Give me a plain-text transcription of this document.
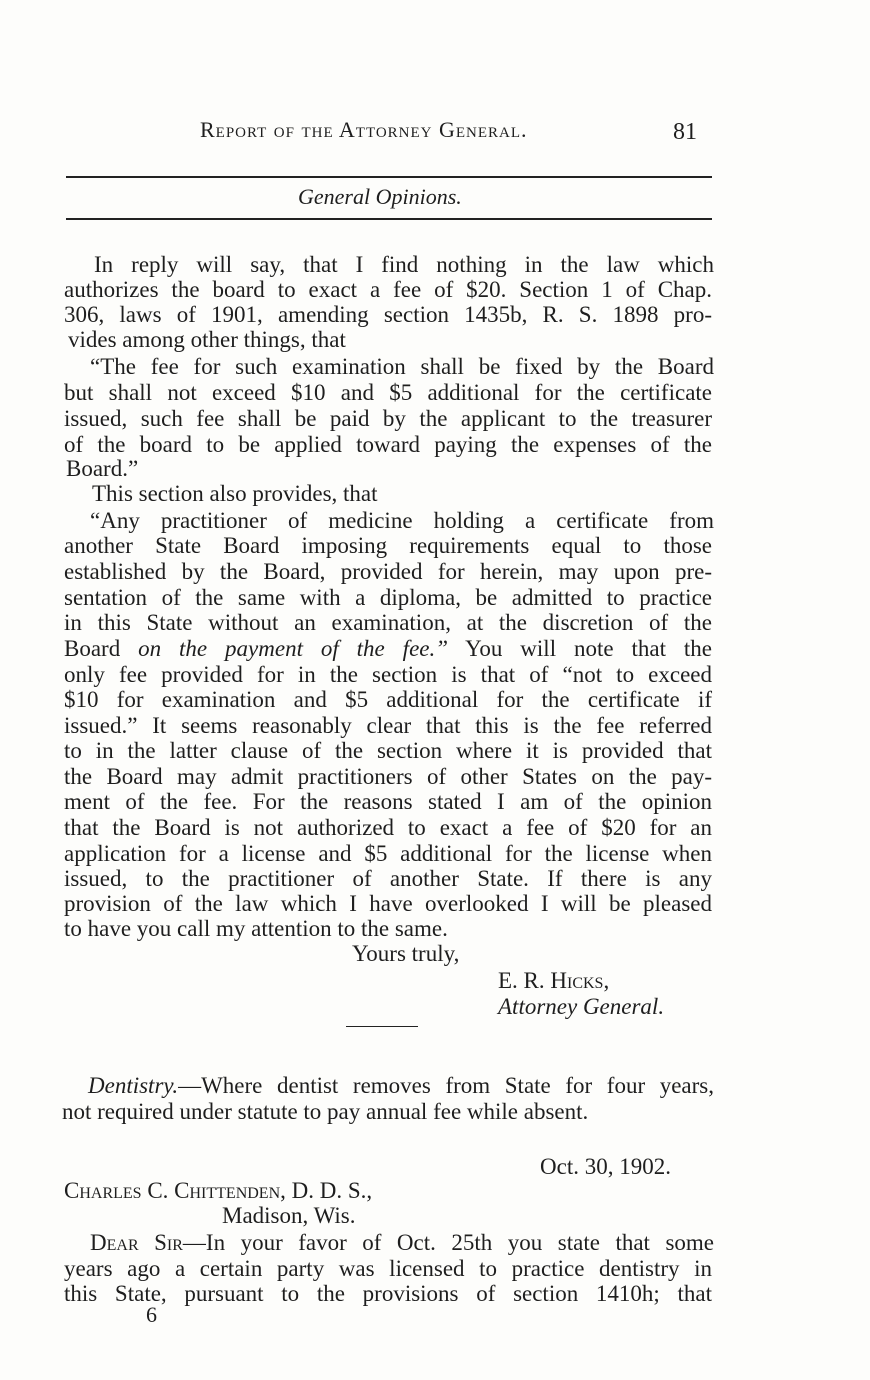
Report of the Attorney General.	81
General Opinions.
In reply will say, that I find nothing in the law which
authorizes the board to exact a fee of $20. Section 1 of Chap.
306, laws of 1901, amending section 1435b, R. S. 1898 pro-
vides among other things, that
“The fee for such examination shall be fixed by the Board
but shall not exceed $10 and $5 additional for the certificate
issued, such fee shall be paid by the applicant to the treasurer
of the board to be applied toward paying the expenses of the
Board.”
This section also provides, that
“Any practitioner of medicine holding a certificate from
another State Board imposing requirements equal to those
established by the Board, provided for herein, may upon pre-
sentation of the same with a diploma, be admitted to practice
in this State without an examination, at the discretion of the
Board on the payment of the fee.” You will note that the
only fee provided for in the section is that of “not to exceed
$10 for examination and $5 additional for the certificate if
issued.” It seems reasonably clear that this is the fee referred
to in the latter clause of the section where it is provided that
the Board may admit practitioners of other States on the pay-
ment of the fee. For the reasons stated I am of the opinion
that the Board is not authorized to exact a fee of $20 for an
application for a license and $5 additional for the license when
issued, to the practitioner of another State. If there is any
provision of the law which I have overlooked I will be pleased
to have you call my attention to the same.
Yours truly,
E. R. Hicks,
Attorney General.
Dentistry.—Where dentist removes from State for four years,
not required under statute to pay annual fee while absent.
Oct. 30, 1902.
Charles C. Chittenden, D. D. S.,
Madison, Wis.
Dear Sir—In your favor of Oct. 25th you state that some
years ago a certain party was licensed to practice dentistry in
this State, pursuant to the provisions of section 1410h; that
6
